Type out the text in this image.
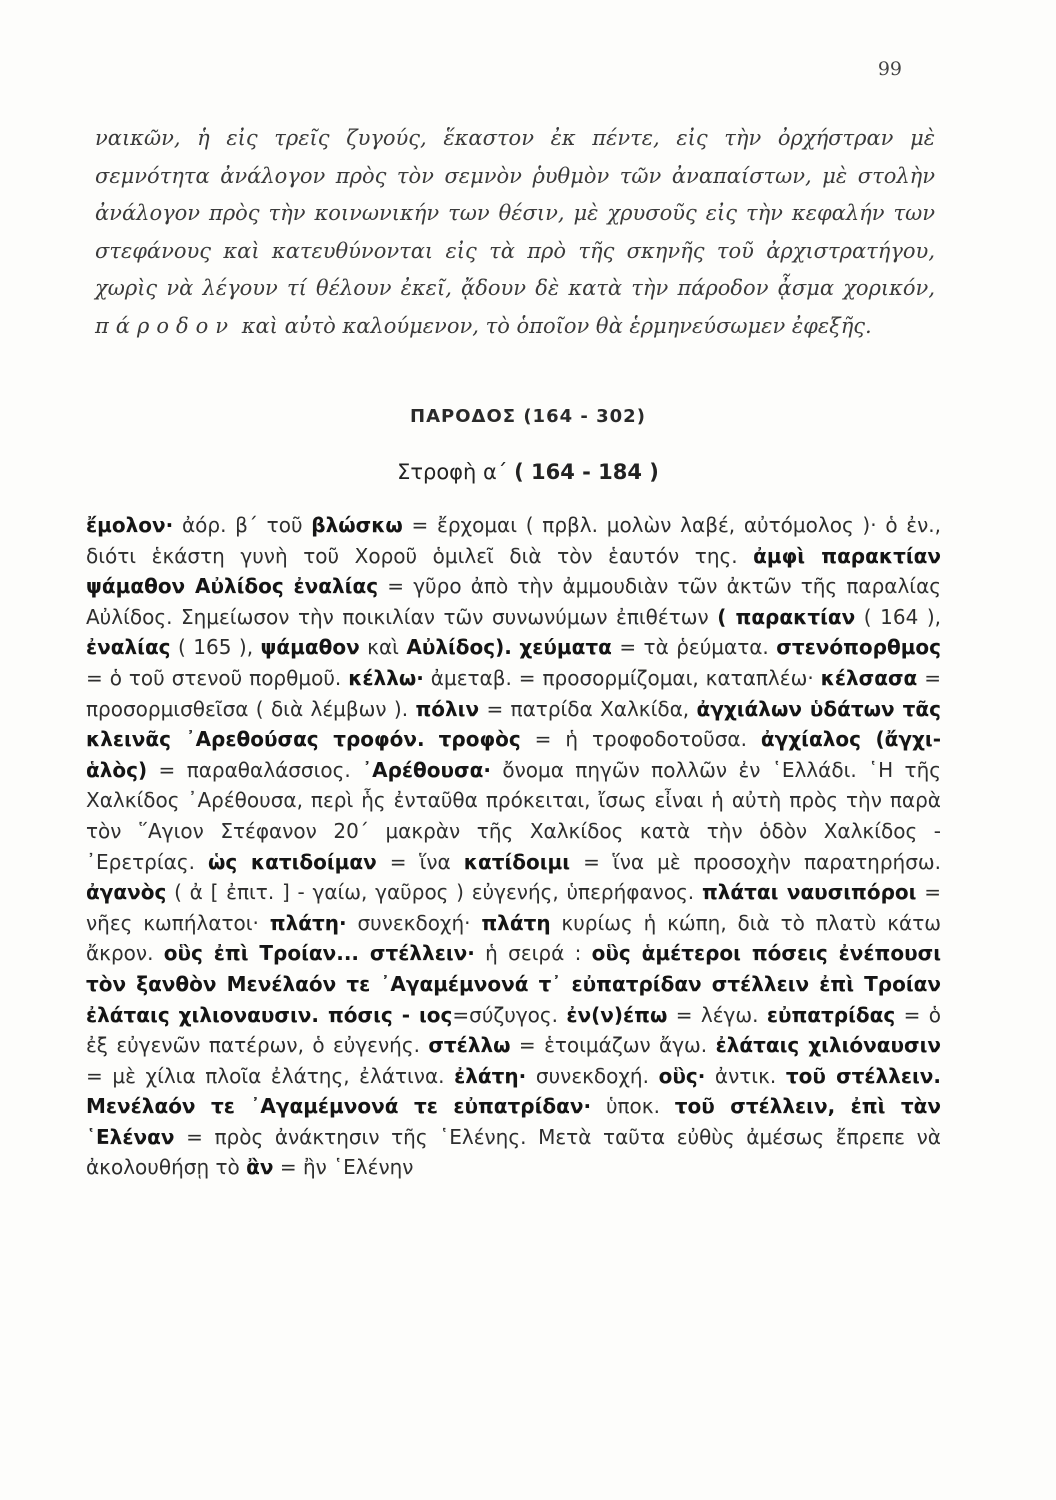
99
ναικῶν, ἡ εἰς τρεῖς ζυγούς, ἕκαστον ἐκ πέντε, εἰς τὴν ὀρχήστραν μὲ σεμνότητα ἀνάλογον πρὸς τὸν σεμνὸν ῥυθμὸν τῶν ἀναπαίστων, μὲ στολὴν ἀνάλογον πρὸς τὴν κοινωνικήν των θέσιν, μὲ χρυσοῦς εἰς τὴν κεφαλήν των στεφάνους καὶ κατευθύνονται εἰς τὰ πρὸ τῆς σκηνῆς τοῦ ἀρχιστρατήγου, χωρὶς νὰ λέγουν τί θέλουν ἐκεῖ, ᾄδουν δὲ κατὰ τὴν πάροδον ᾆσμα χορικόν, πάροδον καὶ αὐτὸ καλούμενον, τὸ ὁποῖον θὰ ἑρμηνεύσωμεν ἐφεξῆς.
ΠΑΡΟΔΟΣ (164 - 302)
Στροφὴ α΄ ( 164 - 184 )
ἔμολον· ἀόρ. β΄ τοῦ βλώσκω = ἔρχομαι ( πρβλ. μολὼν λαβέ, αὐτόμολος )· ὁ ἐν., διότι ἑκάστη γυνὴ τοῦ Χοροῦ ὁμιλεῖ διὰ τὸν ἑαυτόν της. ἀμφὶ παρακτίαν ψάμαθον Αὐλίδος ἐναλίας = γῦρο ἀπὸ τὴν ἀμμουδιὰν τῶν ἀκτῶν τῆς παραλίας Αὐλίδος. Σημείωσον τὴν ποικιλίαν τῶν συνωνύμων ἐπιθέτων ( παρακτίαν ( 164 ), ἐναλίας ( 165 ), ψάμαθον καὶ Αὐλίδος). χεύματα = τὰ ῥεύματα. στενόπορθμος = ὁ τοῦ στενοῦ πορθμοῦ. κέλλω· ἀμεταβ. = προσορμίζομαι, καταπλέω· κέλσασα = προσορμισθεῖσα ( διὰ λέμβων ). πόλιν = πατρίδα Χαλκίδα, ἀγχιάλων ὑδάτων τᾶς κλεινᾶς ᾿Αρεθούσας τροφόν. τροφὸς = ἡ τροφοδοτοῦσα. ἀγχίαλος (ἄγχι-ἁλὸς) = παραθαλάσσιος. ᾿Αρέθουσα· ὄνομα πηγῶν πολλῶν ἐν ῾Ελλάδι. ῾Η τῆς Χαλκίδος ᾿Αρέθουσα, περὶ ἧς ἐνταῦθα πρόκειται, ἴσως εἶναι ἡ αὐτὴ πρὸς τὴν παρὰ τὸν ῞Αγιον Στέφανον 20΄ μακρὰν τῆς Χαλκίδος κατὰ τὴν ὁδὸν Χαλκίδος - ᾿Ερετρίας. ὡς κατιδοίμαν = ἵνα κατίδοιμι = ἵνα μὲ προσοχὴν παρατηρήσω. ἀγανὸς ( ἀ [ ἐπιτ. ] - γαίω, γαῦρος ) εὐγενής, ὑπερήφανος. πλάται ναυσιπόροι = νῆες κωπήλατοι· πλάτη· συνεκδοχή· πλάτη κυρίως ἡ κώπη, διὰ τὸ πλατὺ κάτω ἄκρον. οὓς ἐπὶ Τροίαν... στέλλειν· ἡ σειρά : οὓς ἁμέτεροι πόσεις ἐνέπουσι τὸν ξανθὸν Μενέλαόν τε ᾿Αγαμέμνονά τ᾿ εὐπατρίδαν στέλλειν ἐπὶ Τροίαν ἐλάταις χιλιοναυσιν. πόσις - ιος=σύζυγος. ἐν(ν)έπω = λέγω. εὐπατρίδας = ὁ ἐξ εὐγενῶν πατέρων, ὁ εὐγενής. στέλλω = ἑτοιμάζων ἄγω. ἐλάταις χιλιόναυσιν = μὲ χίλια πλοῖα ἐλάτης, ἐλάτινα. ἐλάτη· συνεκδοχή. οὓς· ἀντικ. τοῦ στέλλειν. Μενέλαόν τε ᾿Αγαμέμνονά τε εὐπατρίδαν· ὑποκ. τοῦ στέλλειν, ἐπὶ τὰν ῾Ελέναν = πρὸς ἀνάκτησιν τῆς ῾Ελένης. Μετὰ ταῦτα εὐθὺς ἀμέσως ἔπρεπε νὰ ἀκολουθήσῃ τὸ ἂν = ἢν ῾Ελένην
